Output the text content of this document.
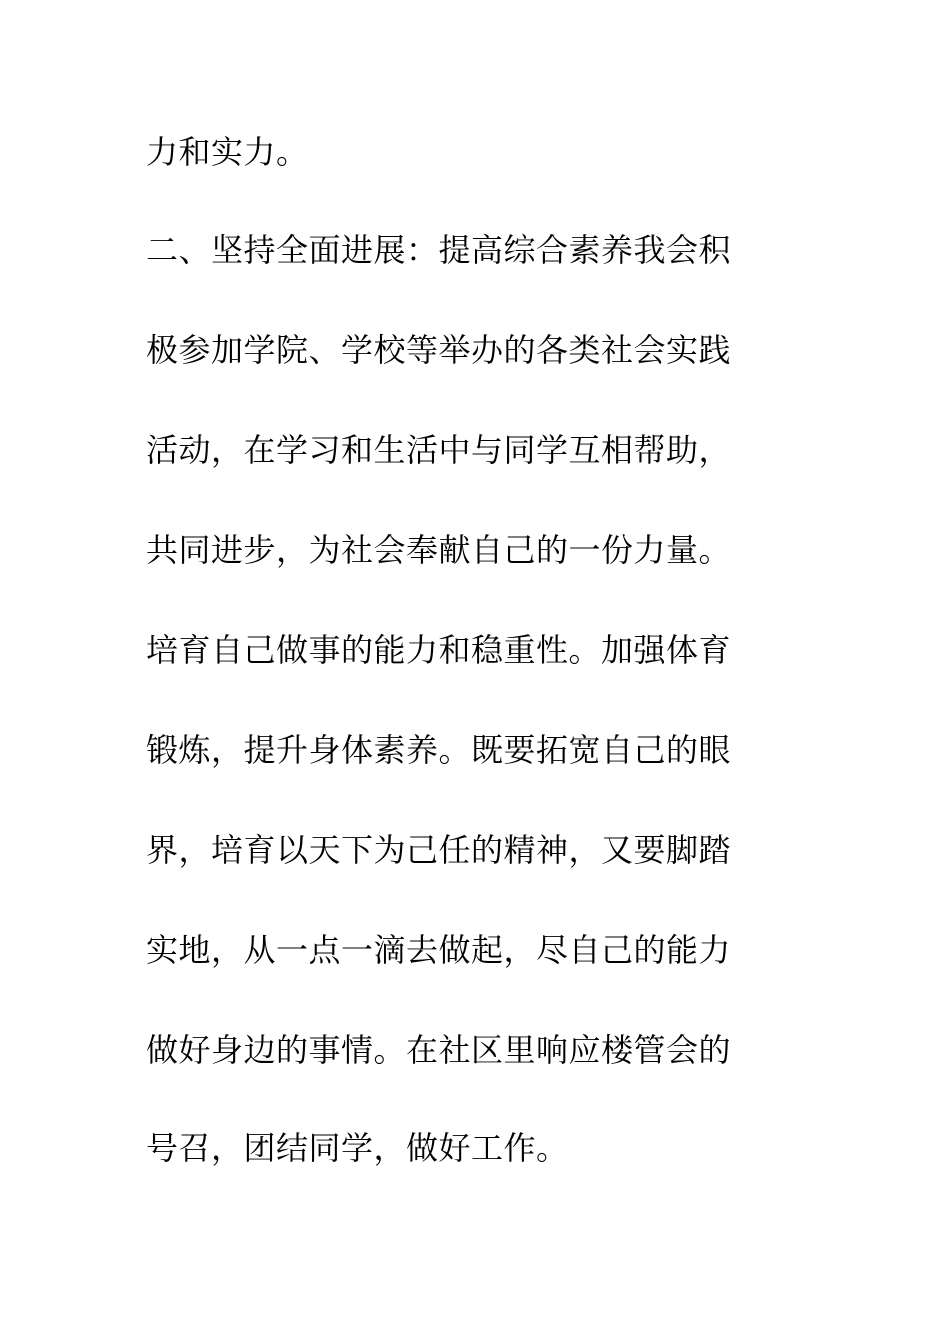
力和实力。
二、坚持全面进展：提高综合素养我会积
极参加学院、学校等举办的各类社会实践
活动，在学习和生活中与同学互相帮助，
共同进步，为社会奉献自己的一份力量。
培育自己做事的能力和稳重性。加强体育
锻炼，提升身体素养。既要拓宽自己的眼
界，培育以天下为己任的精神，又要脚踏
实地，从一点一滴去做起，尽自己的能力
做好身边的事情。在社区里响应楼管会的
号召，团结同学，做好工作。
